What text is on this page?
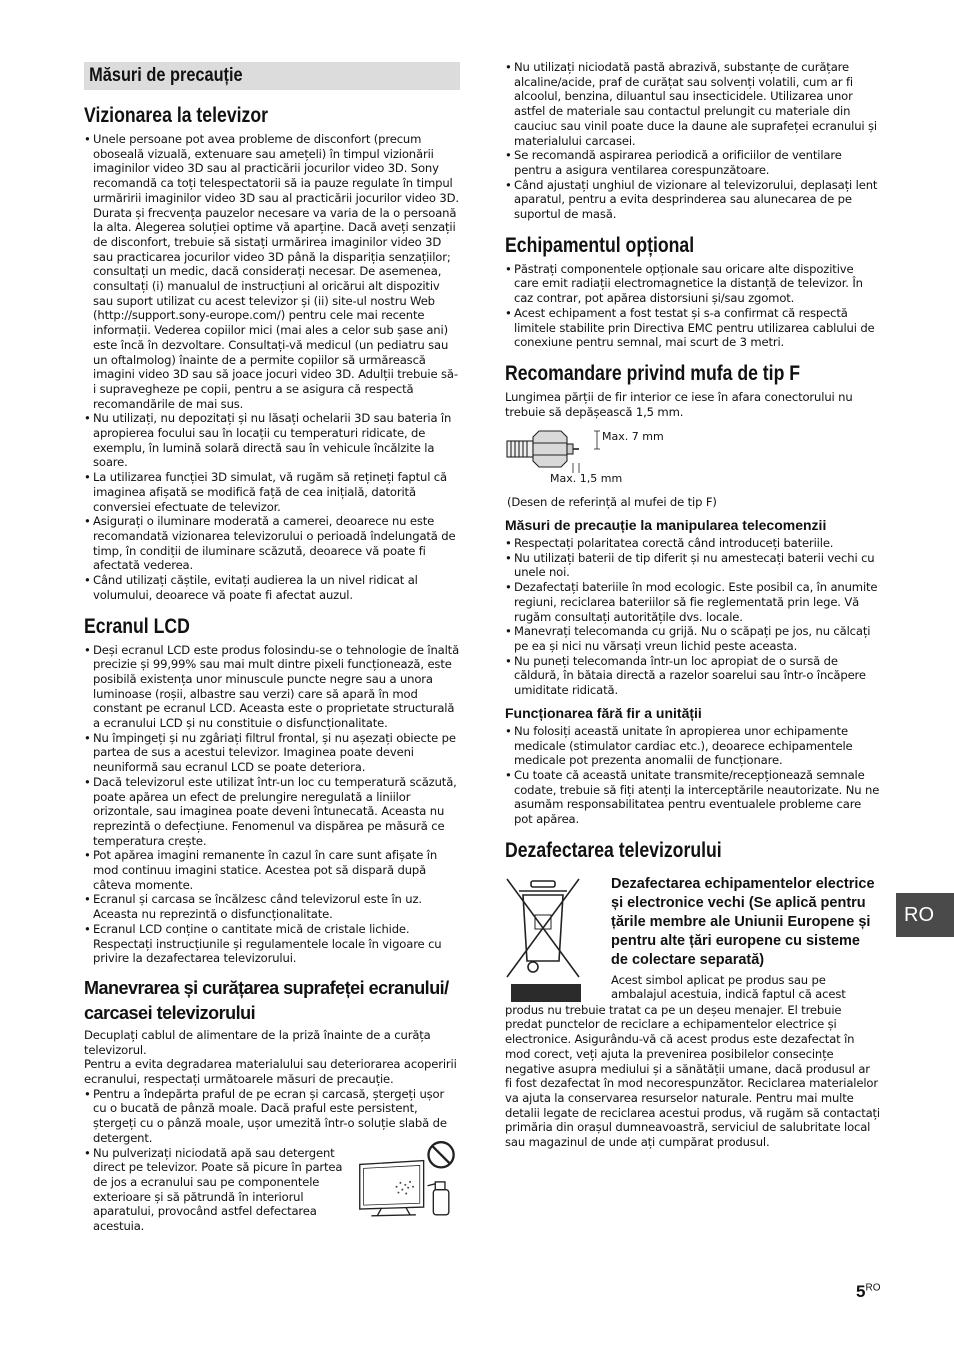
Măsuri de precauție
Vizionarea la televizor
• Unele persoane pot avea probleme de disconfort (precum oboseală vizuală, extenuare sau amețeli) în timpul vizionării imaginilor video 3D sau al practicării jocurilor video 3D. Sony recomandă ca toți telespectatorii să ia pauze regulate în timpul urmăririi imaginilor video 3D sau al practicării jocurilor video 3D. Durata și frecvența pauzelor necesare va varia de la o persoană la alta. Alegerea soluției optime vă aparține. Dacă aveți senzații de disconfort, trebuie să sistați urmărirea imaginilor video 3D sau practicarea jocurilor video 3D până la dispariția senzațiilor; consultați un medic, dacă considerați necesar. De asemenea, consultați (i) manualul de instrucțiuni al oricărui alt dispozitiv sau suport utilizat cu acest televizor și (ii) site-ul nostru Web (http://support.sony-europe.com/) pentru cele mai recente informații. Vederea copiilor mici (mai ales a celor sub șase ani) este încă în dezvoltare. Consultați-vă medicul (un pediatru sau un oftalmolog) înainte de a permite copiilor să urmărească imagini video 3D sau să joace jocuri video 3D. Adulții trebuie să-i supravegheze pe copii, pentru a se asigura că respectă recomandările de mai sus.
• Nu utilizați, nu depozitați și nu lăsați ochelarii 3D sau bateria în apropierea focului sau în locații cu temperaturi ridicate, de exemplu, în lumină solară directă sau în vehicule încălzite la soare.
• La utilizarea funcției 3D simulat, vă rugăm să rețineți faptul că imaginea afișată se modifică față de cea inițială, datorită conversiei efectuate de televizor.
• Asigurați o iluminare moderată a camerei, deoarece nu este recomandată vizionarea televizorului o perioadă îndelungată de timp, în condiții de iluminare scăzută, deoarece vă poate fi afectată vederea.
• Când utilizați căștile, evitați audierea la un nivel ridicat al volumului, deoarece vă poate fi afectat auzul.
Ecranul LCD
• Deși ecranul LCD este produs folosindu-se o tehnologie de înaltă precizie și 99,99% sau mai mult dintre pixeli funcționează, este posibilă existența unor minuscule puncte negre sau a unora luminoase (roșii, albastre sau verzi) care să apară în mod constant pe ecranul LCD. Aceasta este o proprietate structurală a ecranului LCD și nu constituie o disfuncționalitate.
• Nu împingeți și nu zgâriați filtrul frontal, și nu așezați obiecte pe partea de sus a acestui televizor. Imaginea poate deveni neuniformă sau ecranul LCD se poate deteriora.
• Dacă televizorul este utilizat într-un loc cu temperatură scăzută, poate apărea un efect de prelungire neregulată a liniilor orizontale, sau imaginea poate deveni întunecată. Aceasta nu reprezintă o defecțiune. Fenomenul va dispărea pe măsură ce temperatura crește.
• Pot apărea imagini remanente în cazul în care sunt afișate în mod continuu imagini statice. Acestea pot să dispară după câteva momente.
• Ecranul și carcasa se încălzesc când televizorul este în uz. Aceasta nu reprezintă o disfuncționalitate.
• Ecranul LCD conține o cantitate mică de cristale lichide. Respectați instrucțiunile și regulamentele locale în vigoare cu privire la dezafectarea televizorului.
Manevrarea și curățarea suprafeței ecranului/ carcasei televizorului

Decuplați cablul de alimentare de la priză înainte de a curăța televizorul.

Pentru a evita degradarea materialului sau deteriorarea acoperirii ecranului, respectați următoarele măsuri de precauție.

• Pentru a îndepărta praful de pe ecran și carcasă, ștergeți ușor cu o bucată de pânză moale. Dacă praful este persistent, ștergeți cu o pânză moale, ușor umezită într-o soluție slabă de detergent.
• Nu pulverizați niciodată apă sau detergent direct pe televizor. Poate să picure în partea de jos a ecranului sau pe componentele exterioare și să pătrundă în interiorul aparatului, provocând astfel defectarea acestuia.
• Nu utilizați niciodată pastă abrazivă, substanțe de curățare alcaline/acide, praf de curățat sau solvenți volatili, cum ar fi alcoolul, benzina, diluantul sau insecticidele. Utilizarea unor astfel de materiale sau contactul prelungit cu materiale din cauciuc sau vinil poate duce la daune ale suprafeței ecranului și materialului carcasei.
• Se recomandă aspirarea periodică a orificiilor de ventilare pentru a asigura ventilarea corespunzătoare.
• Când ajustați unghiul de vizionare al televizorului, deplasați lent aparatul, pentru a evita desprinderea sau alunecarea de pe suportul de masă.
Echipamentul opțional
• Păstrați componentele opționale sau oricare alte dispozitive care emit radiații electromagnetice la distanță de televizor. În caz contrar, pot apărea distorsiuni și/sau zgomot.
• Acest echipament a fost testat și s-a confirmat că respectă limitele stabilite prin Directiva EMC pentru utilizarea cablului de conexiune pentru semnal, mai scurt de 3 metri.
Recomandare privind mufa de tip F

Lungimea părții de fir interior ce iese în afara conectorului nu trebuie să depășească 1,5 mm.

Max. 7 mm
Max. 1,5 mm

(Desen de referință al mufei de tip F)

Măsuri de precauție la manipularea telecomenzii
• Respectați polaritatea corectă când introduceți bateriile.
• Nu utilizați baterii de tip diferit și nu amestecați baterii vechi cu unele noi.
• Dezafectați bateriile în mod ecologic. Este posibil ca, în anumite regiuni, reciclarea bateriilor să fie reglementată prin lege. Vă rugăm consultați autoritățile dvs. locale.
• Manevrați telecomanda cu grijă. Nu o scăpați pe jos, nu călcați pe ea și nici nu vărsați vreun lichid peste aceasta.
• Nu puneți telecomanda într-un loc apropiat de o sursă de căldură, în bătaia directă a razelor soarelui sau într-o încăpere umiditate ridicată.
Funcționarea fără fir a unității
• Nu folosiți această unitate în apropierea unor echipamente medicale (stimulator cardiac etc.), deoarece echipamentele medicale pot prezenta anomalii de funcționare.
• Cu toate că această unitate transmite/recepționează semnale codate, trebuie să fiți atenți la interceptările neautorizate. Nu ne asumăm responsabilitatea pentru eventualele probleme care pot apărea.
Dezafectarea televizorului
Dezafectarea echipamentelor electrice și electronice vechi (Se aplică pentru țările membre ale Uniunii Europene și pentru alte țări europene cu sisteme de colectare separată)

Acest simbol aplicat pe produs sau pe ambalajul acestuia, indică faptul că acest

produs nu trebuie tratat ca pe un deșeu menajer. El trebuie predat punctelor de reciclare a echipamentelor electrice și electronice. Asigurându-vă că acest produs este dezafectat în mod corect, veți ajuta la prevenirea posibilelor consecințe negative asupra mediului și a sănătății umane, dacă produsul ar fi fost dezafectat în mod necorespunzător. Reciclarea materialelor va ajuta la conservarea resurselor naturale. Pentru mai multe detalii legate de reciclarea acestui produs, vă rugăm să contactați primăria din orașul dumneavoastră, serviciul de salubritate local sau magazinul de unde ați cumpărat produsul.

RO
$5^{RO}$
